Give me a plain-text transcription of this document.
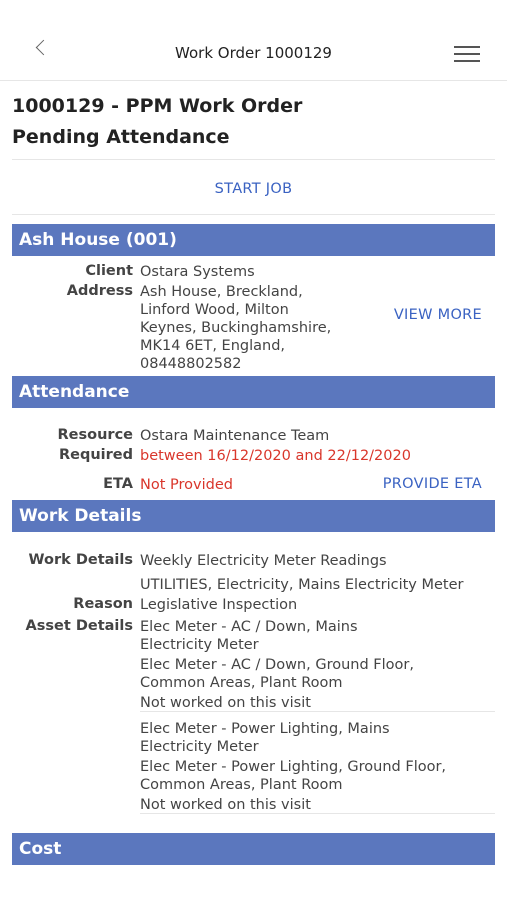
Work Order 1000129
1000129 - PPM Work Order
Pending Attendance
START JOB
Ash House (001)
Client Ostara Systems
Address Ash House, Breckland,
Linford Wood, Milton
Keynes, Buckinghamshire,
MK14 6ET, England,
08448802582
VIEW MORE
Attendance
Resource Ostara Maintenance Team
Required between 16/12/2020 and 22/12/2020
ETA Not Provided	PROVIDE ETA
Work Details
Work Details Weekly Electricity Meter Readings
UTILITIES, Electricity, Mains Electricity Meter
Reason Legislative Inspection
Asset Details Elec Meter - AC / Down, Mains
Electricity Meter
Elec Meter - AC / Down, Ground Floor,
Common Areas, Plant Room
Not worked on this visit
Elec Meter - Power Lighting, Mains
Electricity Meter
Elec Meter - Power Lighting, Ground Floor,
Common Areas, Plant Room
Not worked on this visit
Cost
